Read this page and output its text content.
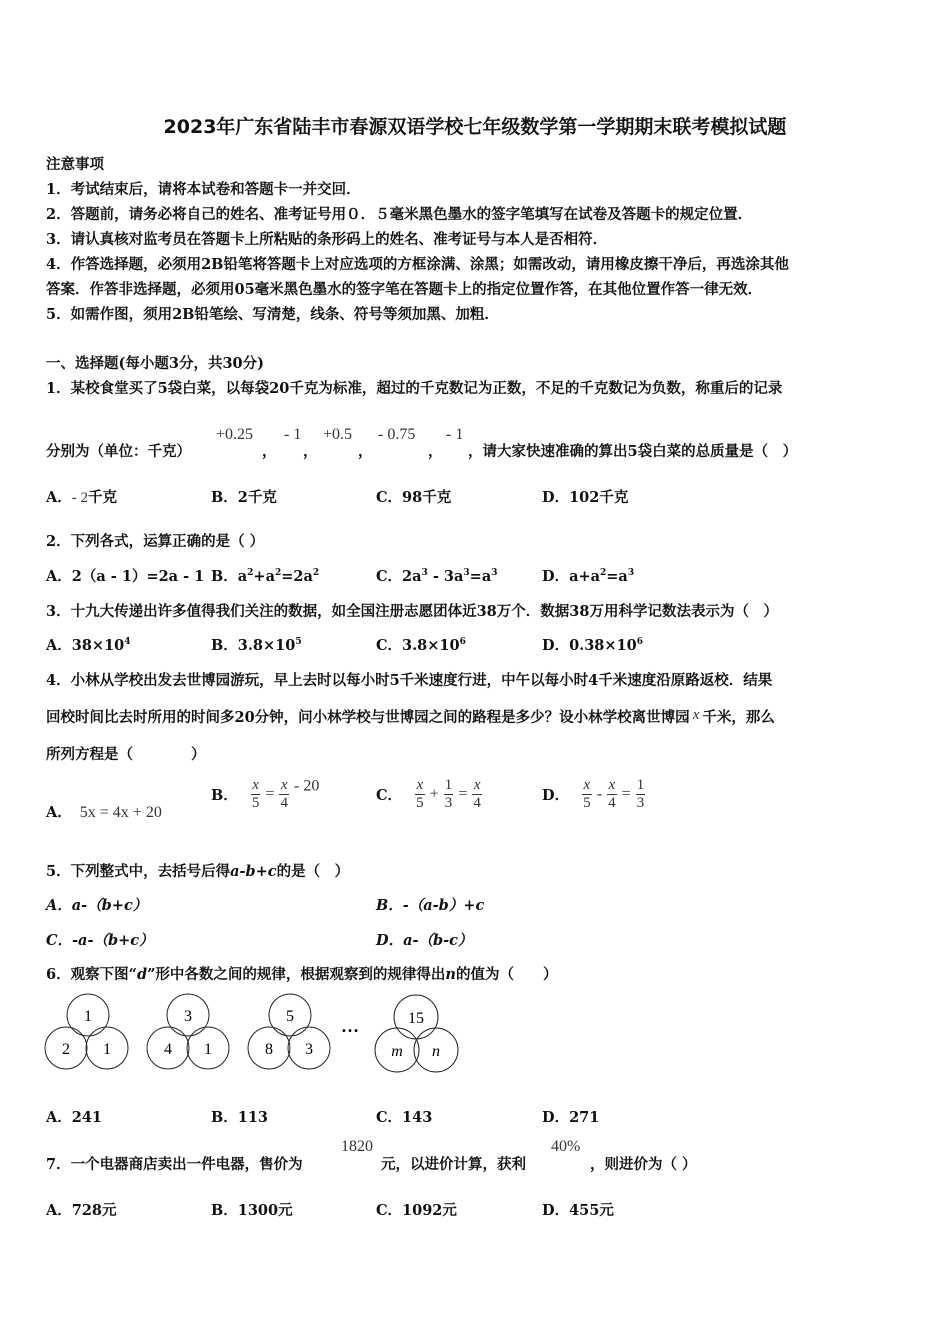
2023年广东省陆丰市春源双语学校七年级数学第一学期期末联考模拟试题
注意事项
1．考试结束后，请将本试卷和答题卡一并交回．
2．答题前，请务必将自己的姓名、准考证号用０．５毫米黑色墨水的签字笔填写在试卷及答题卡的规定位置．
3．请认真核对监考员在答题卡上所粘贴的条形码上的姓名、准考证号与本人是否相符．
4．作答选择题，必须用2B铅笔将答题卡上对应选项的方框涂满、涂黑；如需改动，请用橡皮擦干净后，再选涂其他
答案．作答非选择题，必须用05毫米黑色墨水的签字笔在答题卡上的指定位置作答，在其他位置作答一律无效．
5．如需作图，须用2B铅笔绘、写清楚，线条、符号等须加黑、加粗．
一、选择题(每小题3分，共30分)
1．某校食堂买了5袋白菜，以每袋20千克为标准，超过的千克数记为正数，不足的千克数记为负数，称重后的记录
分别为（单位：千克）
+0.25
，
- 1
，
+0.5
，
- 0.75
，
- 1
，请大家快速准确的算出5袋白菜的总质量是（　）
A．- 2千克	B．2千克	C．98千克	D．102千克
2．下列各式，运算正确的是（ ）
A．2（a - 1）=2a - 1 B．$a^2+a^2=2a^2$	C．$2a^3 - 3a^3=a^3$	D．$a+a^2=a^3$
3．十九大传递出许多值得我们关注的数据，如全国注册志愿团体近38万个．数据38万用科学记数法表示为（　）
A．$38\times 10^4$	B．$3.8\times 10^5$	C．$3.8\times 10^6$	D．$0.38\times 10^6$
4．小林从学校出发去世博园游玩，早上去时以每小时5千米速度行进，中午以每小时4千米速度沿原路返校．结果
回校时间比去时所用的时间多20分钟，问小林学校与世博园之间的路程是多少？设小林学校离世博园 x 千米，那么
所列方程是（　　　　）
A． 5x = 4x + 20
B． $\frac{x}{5} = \frac{x}{4} - 20$
C． $\frac{x}{5} + \frac{1}{3} = \frac{x}{4}$	D． $\frac{x}{5} - \frac{x}{4} = \frac{1}{3}$
5．下列整式中，去括号后得a-b+c的是（　）
A．a-（b+c）	B．-（a-b）+c
C．-a-（b+c）	D．a-（b-c）
6．观察下图“d”形中各数之间的规律，根据观察到的规律得出n的值为（　　）
1
2 1
3
4 1
5
8 3
…	15
m n
A．241	B．113	C．143	D．271
7．一个电器商店卖出一件电器，售价为
1820
元，以进价计算，获利
40%
，则进价为（ ）
A．728元	B．1300元	C．1092元	D．455元
